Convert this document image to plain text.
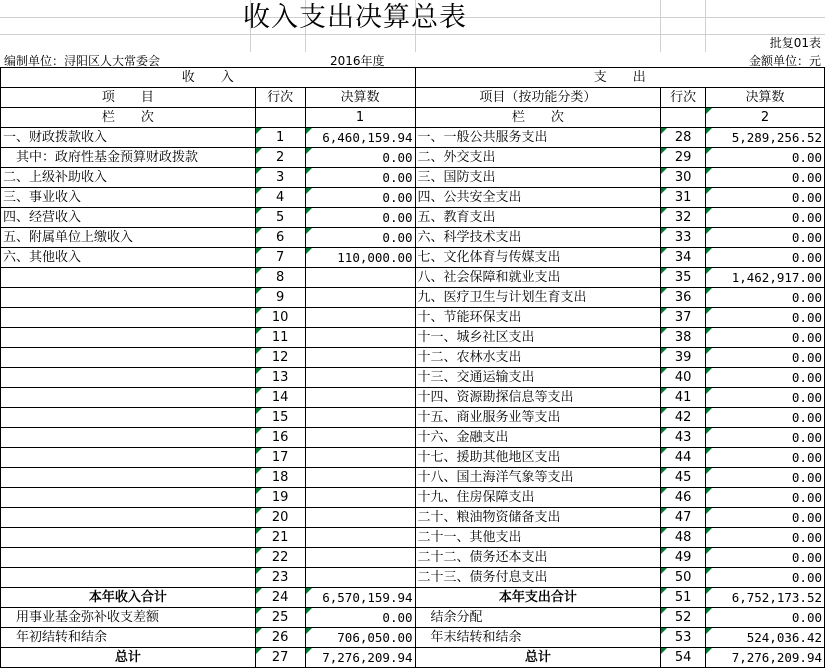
收入支出决算总表
批复01表
编制单位：浔阳区人大常委会	2016年度	金额单位：元
收　　入			支　　出		
项　　目	行次	决算数	项目（按功能分类）	行次	决算数
栏　　次		1	栏　　次		2
一、财政拨款收入	1	6,460,159.94	一、一般公共服务支出	28	5,289,256.52
　其中：政府性基金预算财政拨款	2	0.00	二、外交支出	29	0.00
二、上级补助收入	3	0.00	三、国防支出	30	0.00
三、事业收入	4	0.00	四、公共安全支出	31	0.00
四、经营收入	5	0.00	五、教育支出	32	0.00
五、附属单位上缴收入	6	0.00	六、科学技术支出	33	0.00
六、其他收入	7	110,000.00	七、文化体育与传媒支出	34	0.00
	8		八、社会保障和就业支出	35	1,462,917.00
	9		九、医疗卫生与计划生育支出	36	0.00
	10		十、节能环保支出	37	0.00
	11		十一、城乡社区支出	38	0.00
	12		十二、农林水支出	39	0.00
	13		十三、交通运输支出	40	0.00
	14		十四、资源勘探信息等支出	41	0.00
	15		十五、商业服务业等支出	42	0.00
	16		十六、金融支出	43	0.00
	17		十七、援助其他地区支出	44	0.00
	18		十八、国土海洋气象等支出	45	0.00
	19		十九、住房保障支出	46	0.00
	20		二十、粮油物资储备支出	47	0.00
	21		二十一、其他支出	48	0.00
	22		二十二、债务还本支出	49	0.00
	23		二十三、债务付息支出	50	0.00
本年收入合计	24	6,570,159.94	本年支出合计	51	6,752,173.52
　用事业基金弥补收支差额	25	0.00	　结余分配	52	0.00
　年初结转和结余	26	706,050.00	　年末结转和结余	53	524,036.42
总计	27	7,276,209.94	总计	54	7,276,209.94
